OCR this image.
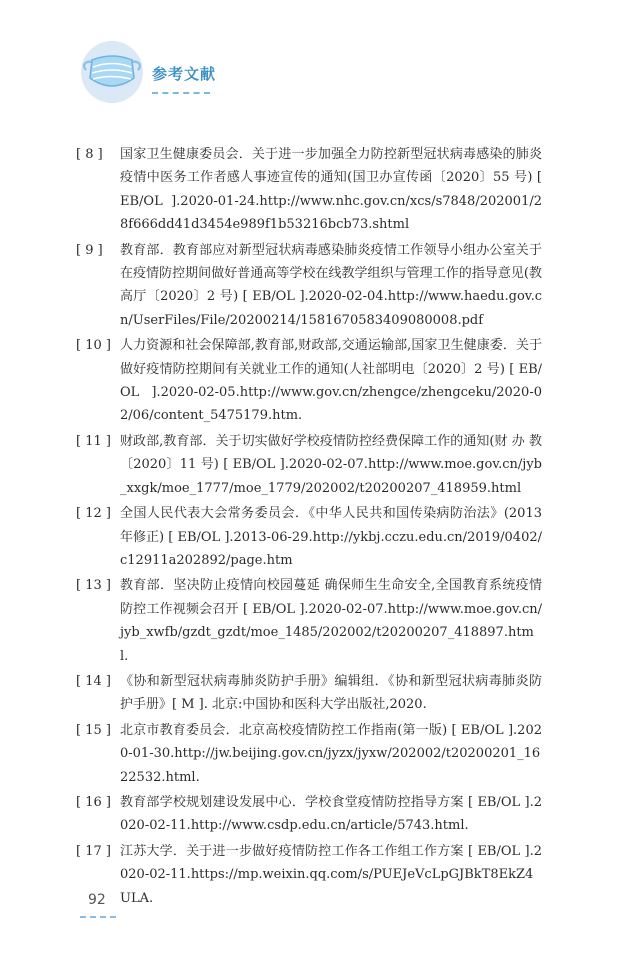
参考文献
[ 8 ]	国家卫生健康委员会．关于进一步加强全力防控新型冠状病毒感染的肺炎疫情中医务工作者感人事迹宣传的通知(国卫办宣传函〔2020〕55 号) [ EB/OL ].2020-01-24.http://www.nhc.gov.cn/xcs/s7848/202001/28f666dd41d3454e989f1b53216bcb73.shtml
[ 9 ]	教育部．教育部应对新型冠状病毒感染肺炎疫情工作领导小组办公室关于在疫情防控期间做好普通高等学校在线教学组织与管理工作的指导意见(教高厅〔2020〕2 号) [ EB/OL ].2020-02-04.http://www.haedu.gov.cn/UserFiles/File/20200214/1581670583409080008.pdf
[ 10 ] 人力资源和社会保障部,教育部,财政部,交通运输部,国家卫生健康委．关于做好疫情防控期间有关就业工作的通知(人社部明电〔2020〕2 号) [ EB/OL ].2020-02-05.http://www.gov.cn/zhengce/zhengceku/2020-02/06/content_5475179.htm.
[ 11 ] 财政部,教育部．关于切实做好学校疫情防控经费保障工作的通知(财 办 教〔2020〕11 号) [ EB/OL ].2020-02-07.http://www.moe.gov.cn/jyb_xxgk/moe_1777/moe_1779/202002/t20200207_418959.html
[ 12 ] 全国人民代表大会常务委员会．《中华人民共和国传染病防治法》(2013 年修正) [ EB/OL ].2013-06-29.http://ykbj.cczu.edu.cn/2019/0402/c12911a202892/page.htm
[ 13 ] 教育部．坚决防止疫情向校园蔓延 确保师生生命安全,全国教育系统疫情防控工作视频会召开 [ EB/OL ].2020-02-07.http://www.moe.gov.cn/jyb_xwfb/gzdt_gzdt/moe_1485/202002/t20200207_418897.html.
[ 14 ] 《协和新型冠状病毒肺炎防护手册》编辑组．《协和新型冠状病毒肺炎防护手册》[ M ]. 北京:中国协和医科大学出版社,2020.
[ 15 ] 北京市教育委员会．北京高校疫情防控工作指南(第一版) [ EB/OL ].2020-01-30.http://jw.beijing.gov.cn/jyzx/jyxw/202002/t20200201_1622532.html.
[ 16 ] 教育部学校规划建设发展中心．学校食堂疫情防控指导方案 [ EB/OL ].2020-02-11.http://www.csdp.edu.cn/article/5743.html.
[ 17 ] 江苏大学．关于进一步做好疫情防控工作各工作组工作方案 [ EB/OL ].2020-02-11.https://mp.weixin.qq.com/s/PUEJeVcLpGJBkT8EkZ4ULA.
92
